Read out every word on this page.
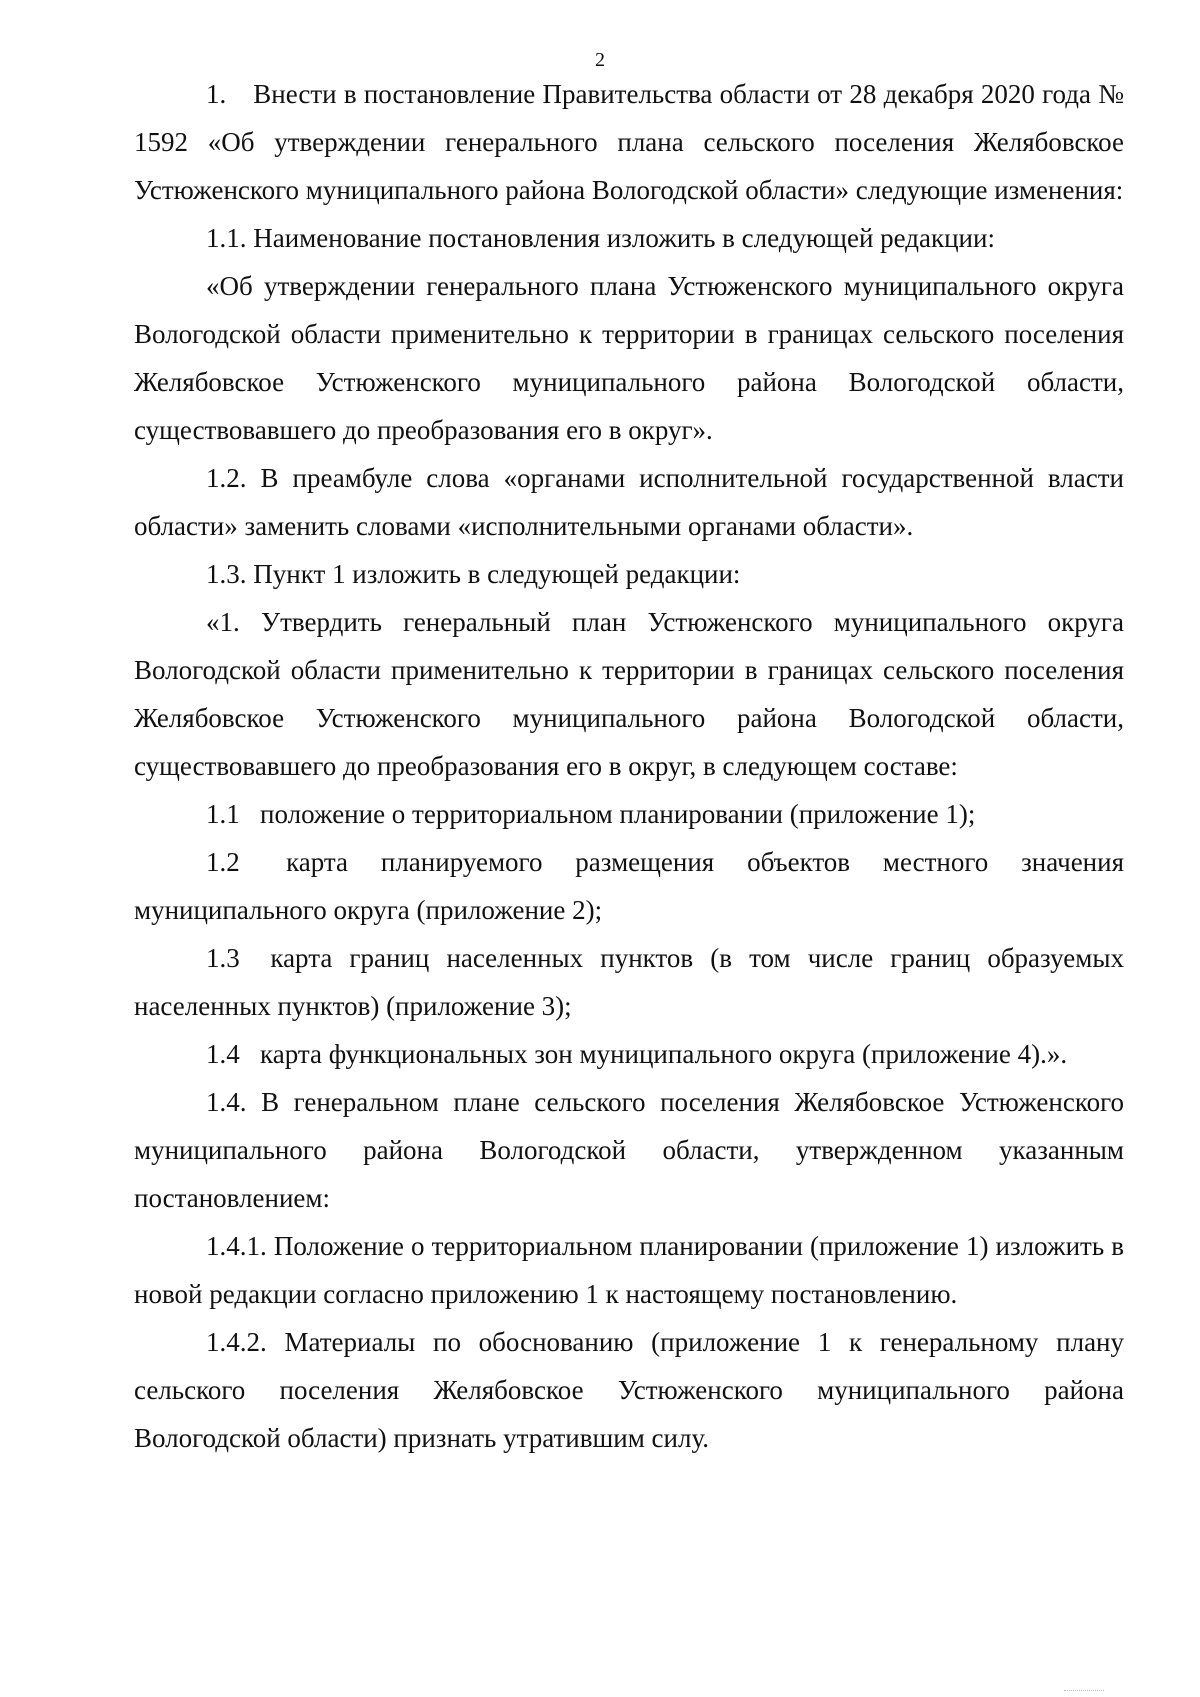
2

1. Внести в постановление Правительства области от 28 декабря 2020 года № 1592 «Об утверждении генерального плана сельского поселения Желябовское Устюженского муниципального района Вологодской области» следующие изменения:

1.1. Наименование постановления изложить в следующей редакции:

«Об утверждении генерального плана Устюженского муниципального округа Вологодской области применительно к территории в границах сельского поселения Желябовское Устюженского муниципального района Вологодской области, существовавшего до преобразования его в округ».

1.2. В преамбуле слова «органами исполнительной государственной власти области» заменить словами «исполнительными органами области».

1.3. Пункт 1 изложить в следующей редакции:

«1. Утвердить генеральный план Устюженского муниципального округа Вологодской области применительно к территории в границах сельского поселения Желябовское Устюженского муниципального района Вологодской области, существовавшего до преобразования его в округ, в следующем составе:

1.1  положение о территориальном планировании (приложение 1);

1.2  карта планируемого размещения объектов местного значения муниципального округа (приложение 2);

1.3  карта границ населенных пунктов (в том числе границ образуемых населенных пунктов) (приложение 3);

1.4  карта функциональных зон муниципального округа (приложение 4).».

1.4. В генеральном плане сельского поселения Желябовское Устюженского муниципального района Вологодской области, утвержденном указанным постановлением:

1.4.1. Положение о территориальном планировании (приложение 1) изложить в новой редакции согласно приложению 1 к настоящему постановлению.

1.4.2. Материалы по обоснованию (приложение 1 к генеральному плану сельского поселения Желябовское Устюженского муниципального района Вологодской области) признать утратившим силу.
